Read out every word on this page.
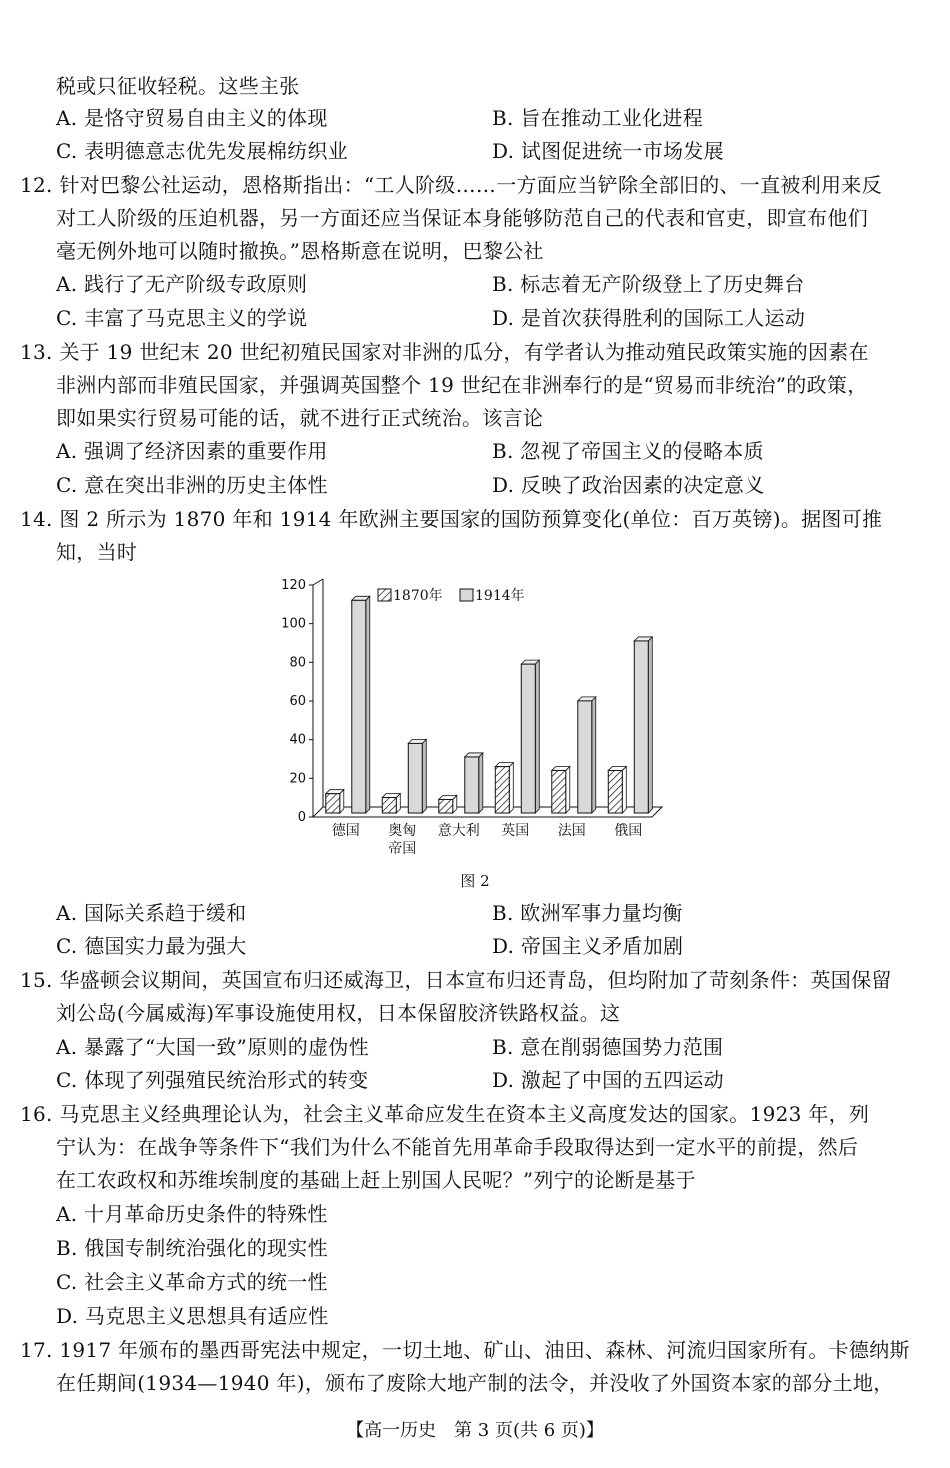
税或只征收轻税。这些主张
A. 是恪守贸易自由主义的体现	B. 旨在推动工业化进程
C. 表明德意志优先发展棉纺织业	D. 试图促进统一市场发展
12. 针对巴黎公社运动，恩格斯指出：“工人阶级……一方面应当铲除全部旧的、一直被利用来反
对工人阶级的压迫机器，另一方面还应当保证本身能够防范自己的代表和官吏，即宣布他们
毫无例外地可以随时撤换。”恩格斯意在说明，巴黎公社
A. 践行了无产阶级专政原则	B. 标志着无产阶级登上了历史舞台
C. 丰富了马克思主义的学说	D. 是首次获得胜利的国际工人运动
13. 关于 19 世纪末 20 世纪初殖民国家对非洲的瓜分，有学者认为推动殖民政策实施的因素在
非洲内部而非殖民国家，并强调英国整个 19 世纪在非洲奉行的是“贸易而非统治”的政策，
即如果实行贸易可能的话，就不进行正式统治。该言论
A. 强调了经济因素的重要作用	B. 忽视了帝国主义的侵略本质
C. 意在突出非洲的历史主体性	D. 反映了政治因素的决定意义
14. 图 2 所示为 1870 年和 1914 年欧洲主要国家的国防预算变化(单位：百万英镑)。据图可推
知，当时
0
20
40
60
80
100
120
德国 奥匈
帝国
意大利 英国 法国 俄国
1870年 1914年
图 2
A. 国际关系趋于缓和	B. 欧洲军事力量均衡
C. 德国实力最为强大	D. 帝国主义矛盾加剧
15. 华盛顿会议期间，英国宣布归还威海卫，日本宣布归还青岛，但均附加了苛刻条件：英国保留
刘公岛(今属威海)军事设施使用权，日本保留胶济铁路权益。这
A. 暴露了“大国一致”原则的虚伪性	B. 意在削弱德国势力范围
C. 体现了列强殖民统治形式的转变	D. 激起了中国的五四运动
16. 马克思主义经典理论认为，社会主义革命应发生在资本主义高度发达的国家。1923 年，列
宁认为：在战争等条件下“我们为什么不能首先用革命手段取得达到一定水平的前提，然后
在工农政权和苏维埃制度的基础上赶上别国人民呢？”列宁的论断是基于
A. 十月革命历史条件的特殊性
B. 俄国专制统治强化的现实性
C. 社会主义革命方式的统一性
D. 马克思主义思想具有适应性
17. 1917 年颁布的墨西哥宪法中规定，一切土地、矿山、油田、森林、河流归国家所有。卡德纳斯
在任期间(1934—1940 年)，颁布了废除大地产制的法令，并没收了外国资本家的部分土地，
【高一历史　第 3 页(共 6 页)】
